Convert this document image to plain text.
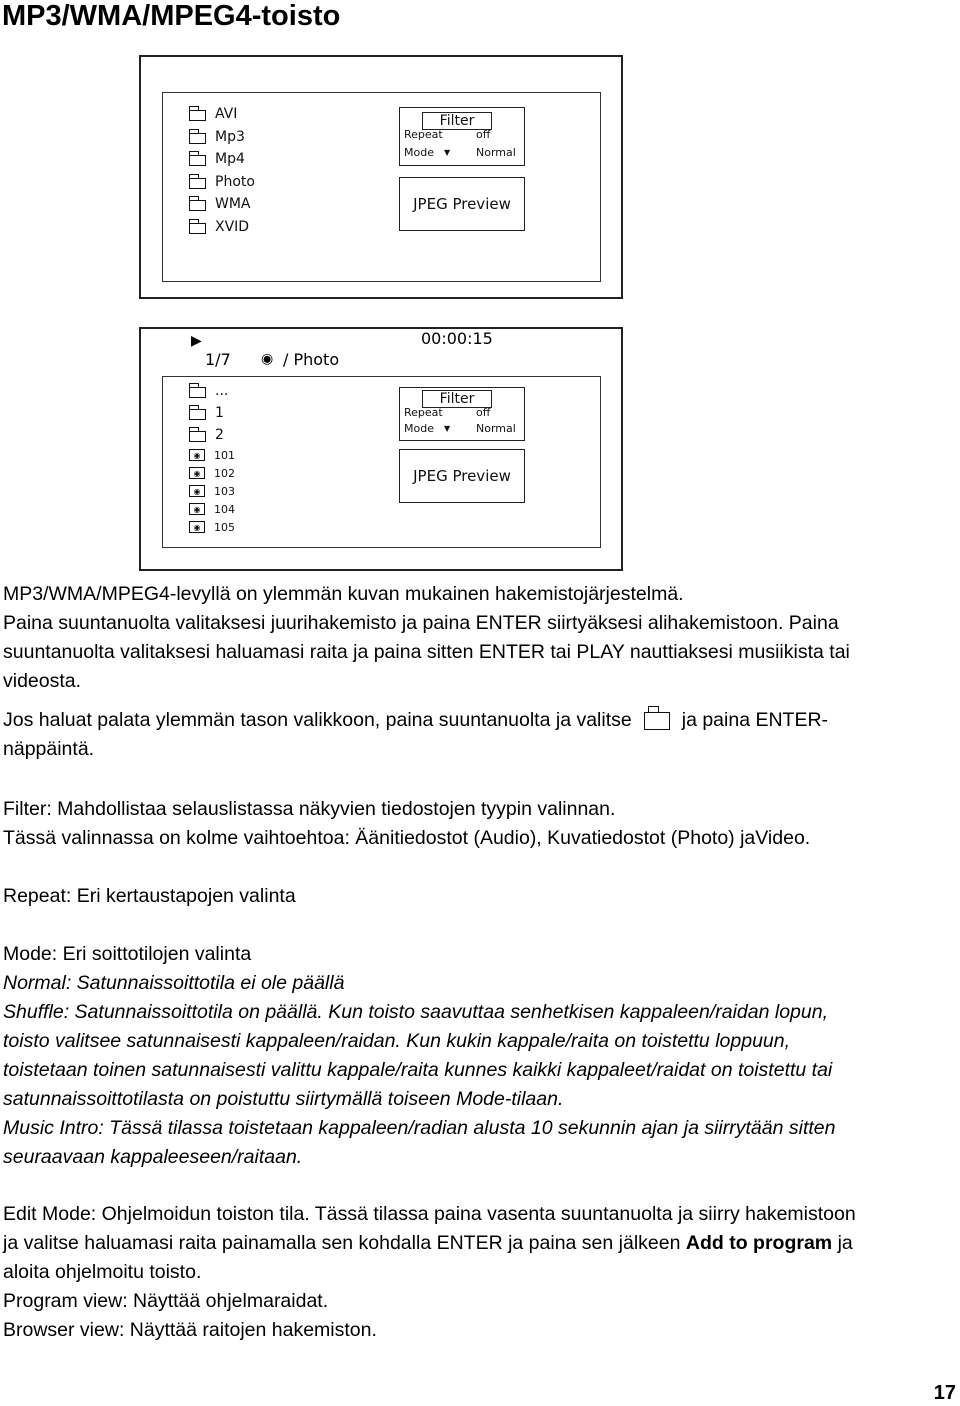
MP3/WMA/MPEG4-toisto
AVI
Mp3
Mp4
Photo
WMA
XVID
Filter
Repeat	off
Mode ▼ Normal
JPEG Preview
▶	00:00:15
1/7 ◉ / Photo
...
1
2
◉	101
◉	102
◉	103
◉	104
◉	105
Filter
Repeat	off
Mode ▼ Normal
JPEG Preview

MP3/WMA/MPEG4-levyllä on ylemmän kuvan mukainen hakemistojärjestelmä.

Paina suuntanuolta valitaksesi juurihakemisto ja paina ENTER siirtyäksesi alihakemistoon. Paina

suuntanuolta valitaksesi haluamasi raita ja paina sitten ENTER tai PLAY nauttiaksesi musiikista tai

videosta.

Jos haluat palata ylemmän tason valikkoon, paina suuntanuolta ja valitse	ja paina ENTER-

näppäintä.

Filter: Mahdollistaa selauslistassa näkyvien tiedostojen tyypin valinnan.

Tässä valinnassa on kolme vaihtoehtoa: Äänitiedostot (Audio), Kuvatiedostot (Photo) jaVideo.

Repeat: Eri kertaustapojen valinta

Mode: Eri soittotilojen valinta

Normal: Satunnaissoittotila ei ole päällä

Shuffle: Satunnaissoittotila on päällä. Kun toisto saavuttaa senhetkisen kappaleen/raidan lopun,

toisto valitsee satunnaisesti kappaleen/raidan. Kun kukin kappale/raita on toistettu loppuun,

toistetaan toinen satunnaisesti valittu kappale/raita kunnes kaikki kappaleet/raidat on toistettu tai

satunnaissoittotilasta on poistuttu siirtymällä toiseen Mode-tilaan.

Music Intro: Tässä tilassa toistetaan kappaleen/radian alusta 10 sekunnin ajan ja siirrytään sitten

seuraavaan kappaleeseen/raitaan.

Edit Mode: Ohjelmoidun toiston tila. Tässä tilassa paina vasenta suuntanuolta ja siirry hakemistoon

ja valitse haluamasi raita painamalla sen kohdalla ENTER ja paina sen jälkeen Add to program ja

aloita ohjelmoitu toisto.

Program view: Näyttää ohjelmaraidat.

Browser view: Näyttää raitojen hakemiston.

17
